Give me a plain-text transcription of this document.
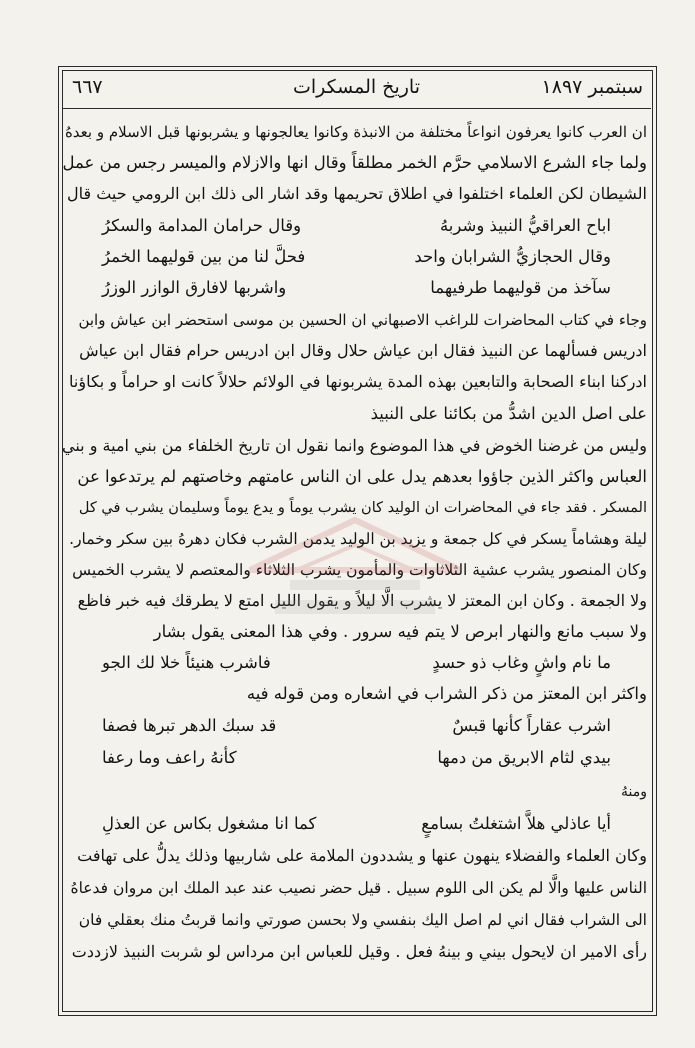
سبتمبر ١٨٩٧
تاريخ المسكرات
٦٦٧
ان العرب كانوا يعرفون انواعاً مختلفة من الانبذة وكانوا يعالجونها و يشربونها قبل الاسلام و بعدهُ
ولما جاء الشرع الاسلامي حرَّم الخمر مطلقاً وقال انها والازلام والميسر رجس من عمل
الشيطان لكن العلماء اختلفوا في اطلاق تحريمها وقد اشار الى ذلك ابن الرومي حيث قال
اباح العراقيُّ النبيذ وشربهُ
وقال حرامان المدامة والسكرُ
وقال الحجازيُّ الشرابان واحد
فحلَّ لنا من بين قوليهما الخمرُ
سآخذ من قوليهما طرفيهما
واشربها لافارق الوازر الوزرُ
وجاء في كتاب المحاضرات للراغب الاصبهاني ان الحسين بن موسى استحضر ابن عياش وابن
ادريس فسألهما عن النبيذ فقال ابن عياش حلال وقال ابن ادريس حرام فقال ابن عياش
ادركنا ابناء الصحابة والتابعين بهذه المدة يشربونها في الولائم حلالاً كانت او حراماً و بكاؤنا
على اصل الدين اشدُّ من بكائنا على النبيذ
وليس من غرضنا الخوض في هذا الموضوع وانما نقول ان تاريخ الخلفاء من بني امية و بني
العباس واكثر الذين جاؤوا بعدهم يدل على ان الناس عامتهم وخاصتهم لم يرتدعوا عن
المسكر . فقد جاء في المحاضرات ان الوليد كان يشرب يوماً و يدع يوماً وسليمان يشرب في كل
ليلة وهشاماً يسكر في كل جمعة و يزيد بن الوليد يدمن الشرب فكان دهرهُ بين سكر وخمار.
وكان المنصور يشرب عشية الثلاثاوات والمأمون يشرب الثلاثاء والمعتصم لا يشرب الخميس
ولا الجمعة . وكان ابن المعتز لا يشرب الَّا ليلاً و يقول الليل امتع لا يطرقك فيه خبر فاظع
ولا سبب مانع والنهار ابرص لا يتم فيه سرور . وفي هذا المعنى يقول بشار
ما نام واشٍ وغاب ذو حسدٍ
فاشرب هنيئاً خلا لك الجو
واكثر ابن المعتز من ذكر الشراب في اشعاره ومن قوله فيه
اشرب عقاراً كأنها قبسٌ
قد سبك الدهر تبرها فصفا
بيدي لثام الابريق من دمها
كأنهُ راعف وما رعفا
ومنهُ
أيا عاذلي هلاَّ اشتغلتُ بسامعٍ
كما انا مشغول بكاس عن العذلِ
وكان العلماء والفضلاء ينهون عنها و يشددون الملامة على شاربيها وذلك يدلُّ على تهافت
الناس عليها والَّا لم يكن الى اللوم سبيل . قيل حضر نصيب عند عبد الملك ابن مروان فدعاهُ
الى الشراب فقال اني لم اصل اليك بنفسي ولا بحسن صورتي وانما قربتُ منك بعقلي فان
رأى الامير ان لايحول بيني و بينهُ فعل . وقيل للعباس ابن مرداس لو شربت النبيذ لازددت
